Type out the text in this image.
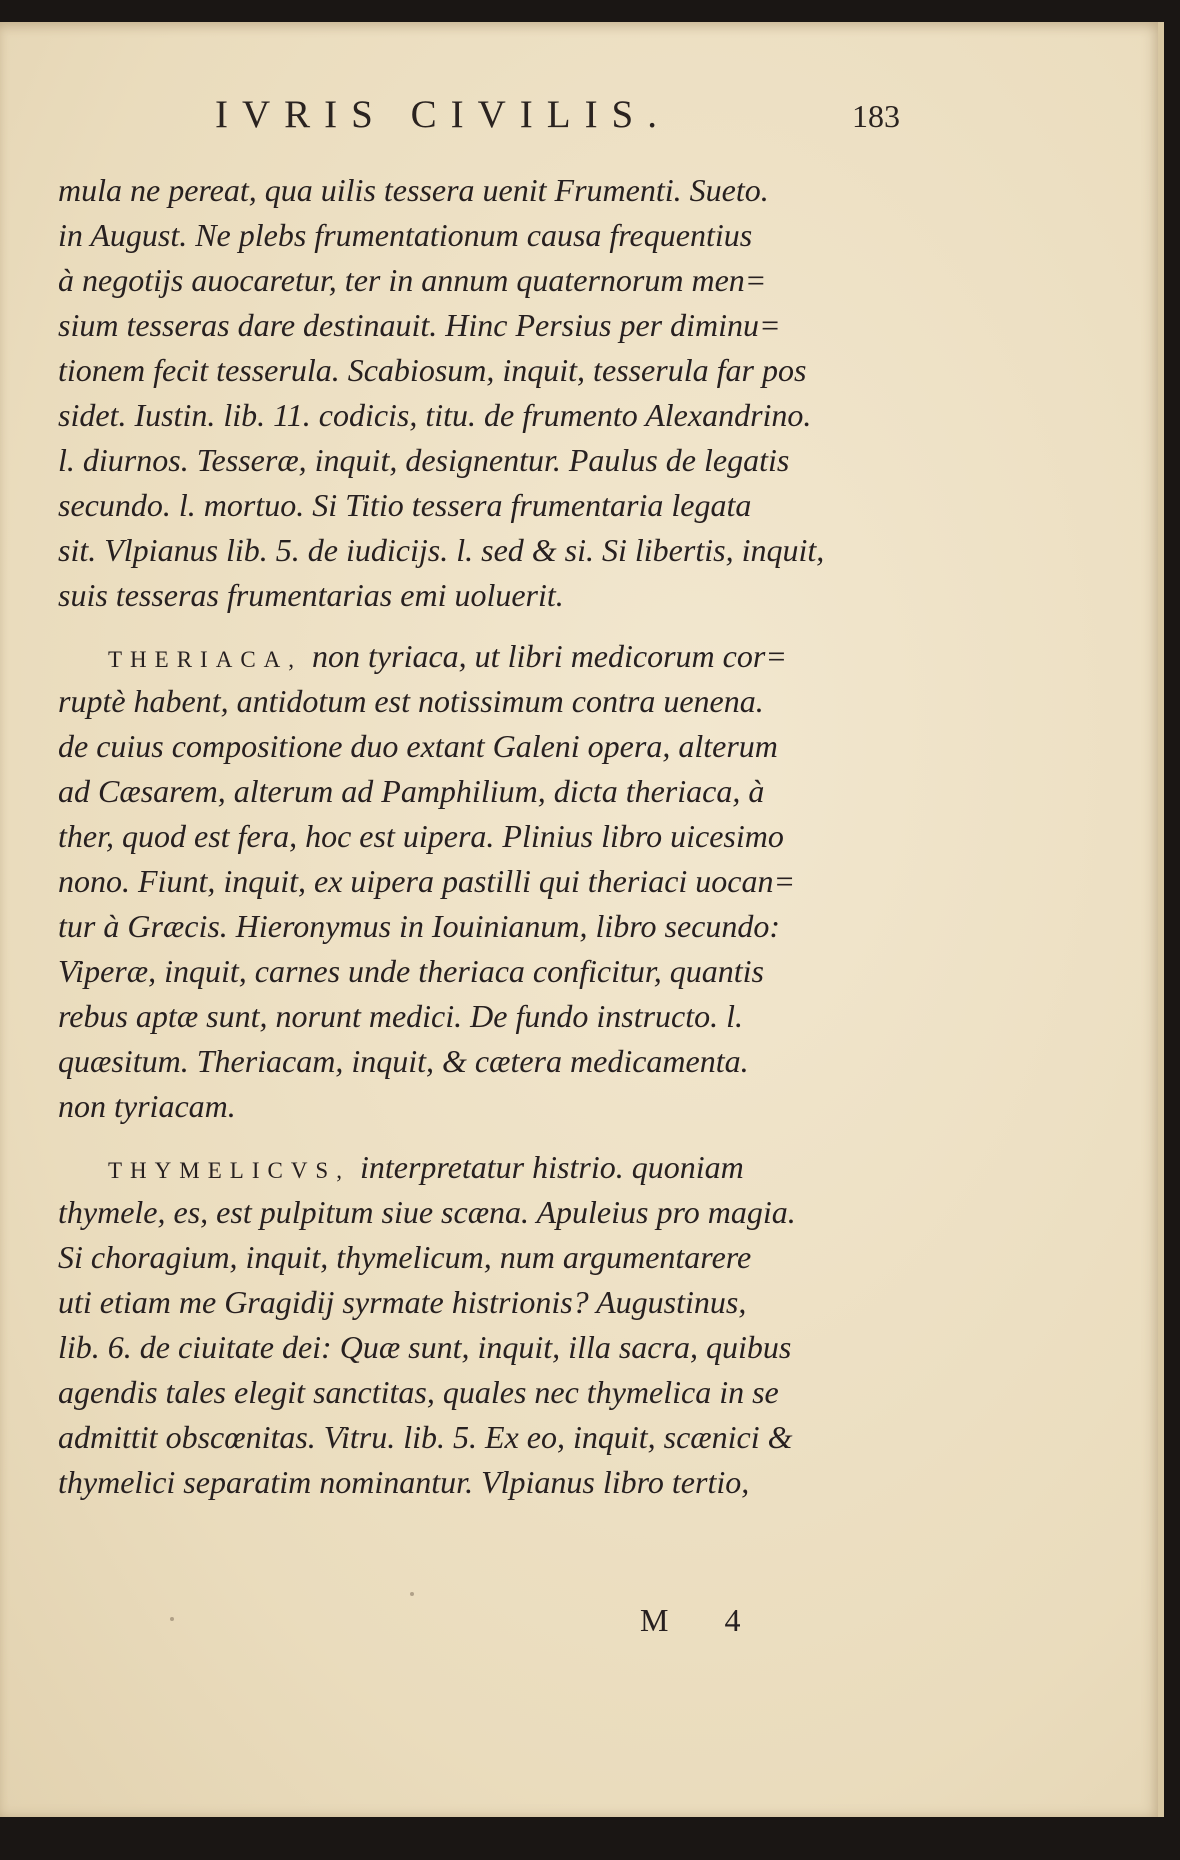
IVRIS CIVILIS.	183
mula ne pereat, qua uilis tessera uenit Frumenti. Sueto.
in August. Ne plebs frumentationum causa frequentius
à negotijs auocaretur, ter in annum quaternorum men=
sium tesseras dare destinauit. Hinc Persius per diminu=
tionem fecit tesserula. Scabiosum, inquit, tesserula far pos
sidet. Iustin. lib. 11. codicis, titu. de frumento Alexandrino.
l. diurnos. Tesseræ, inquit, designentur. Paulus de legatis
secundo. l. mortuo. Si Titio tessera frumentaria legata
sit. Vlpianus lib. 5. de iudicijs. l. sed & si. Si libertis, inquit,
suis tesseras frumentarias emi uoluerit.
THERIACA, non tyriaca, ut libri medicorum cor=
ruptè habent, antidotum est notissimum contra uenena.
de cuius compositione duo extant Galeni opera, alterum
ad Cæsarem, alterum ad Pamphilium, dicta theriaca, à
ther, quod est fera, hoc est uipera. Plinius libro uicesimo
nono. Fiunt, inquit, ex uipera pastilli qui theriaci uocan=
tur à Græcis. Hieronymus in Iouinianum, libro secundo:
Viperæ, inquit, carnes unde theriaca conficitur, quantis
rebus aptæ sunt, norunt medici. De fundo instructo. l.
quæsitum. Theriacam, inquit, & cætera medicamenta.
non tyriacam.
THYMELICVS, interpretatur histrio. quoniam
thymele, es, est pulpitum siue scæna. Apuleius pro magia.
Si choragium, inquit, thymelicum, num argumentarere
uti etiam me Gragidij syrmate histrionis? Augustinus,
lib. 6. de ciuitate dei: Quæ sunt, inquit, illa sacra, quibus
agendis tales elegit sanctitas, quales nec thymelica in se
admittit obscœnitas. Vitru. lib. 5. Ex eo, inquit, scænici &
thymelici separatim nominantur. Vlpianus libro tertio,
M 4
